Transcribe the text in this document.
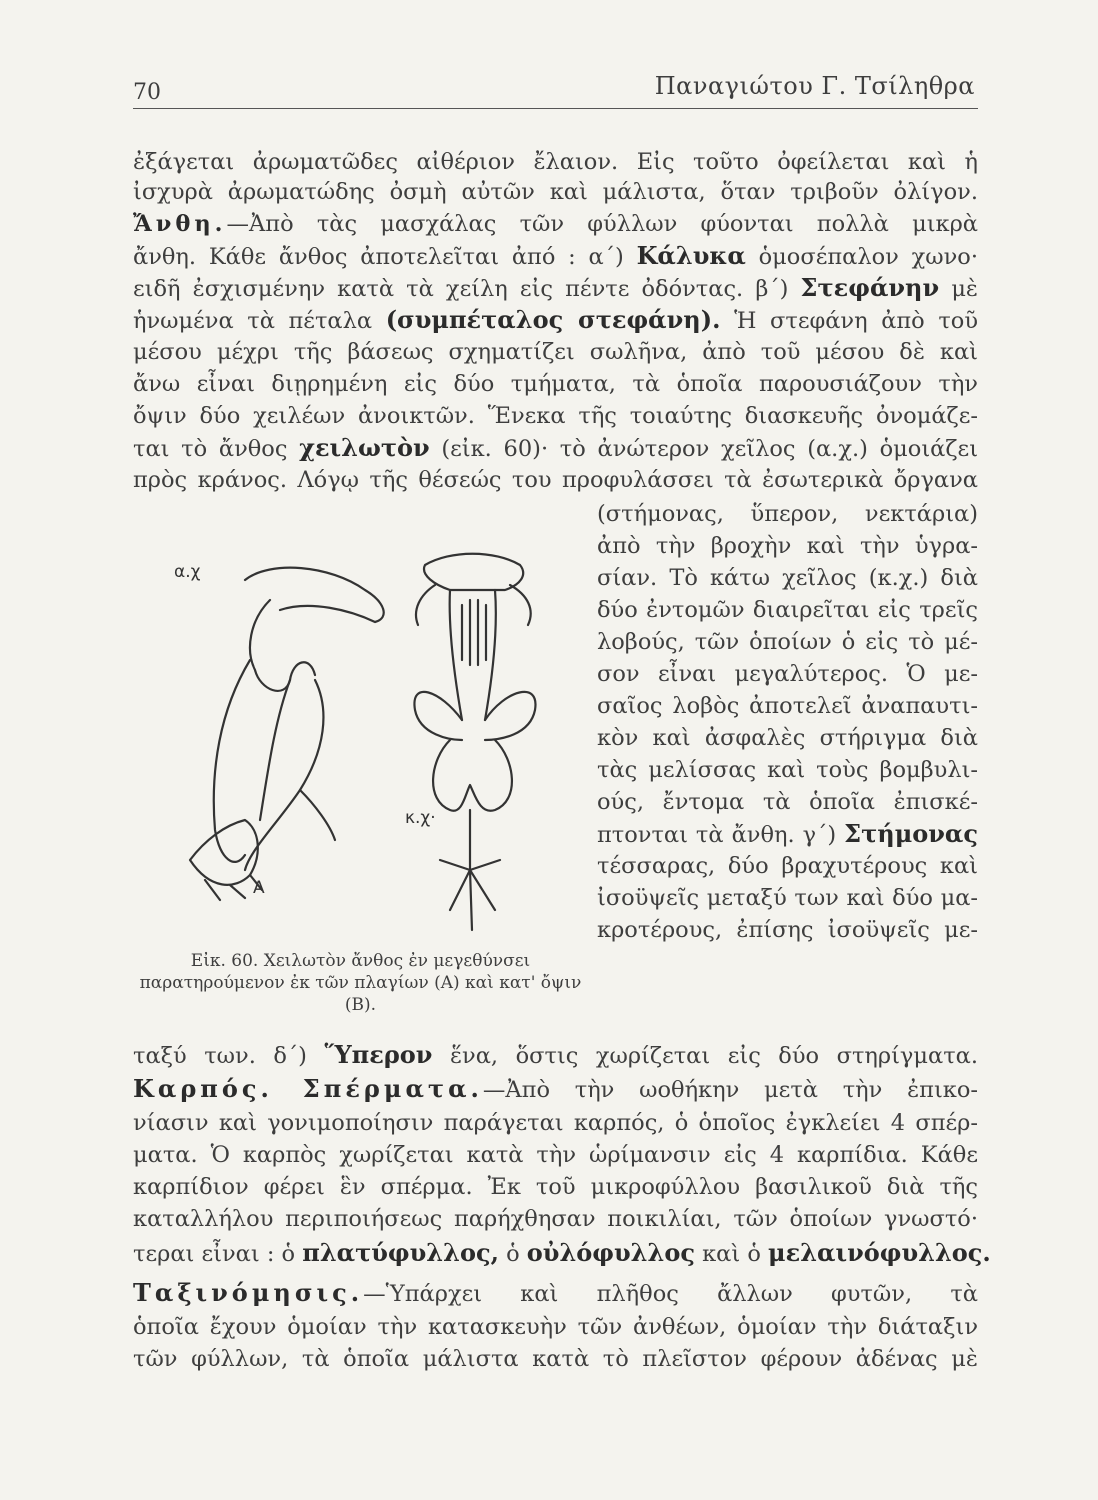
70	Παναγιώτου Γ. Τσίληθρα
ἐξάγεται ἀρωματῶδες αἰθέριον ἔλαιον. Εἰς τοῦτο ὀφείλεται καὶ ἡ
ἰσχυρὰ ἀρωματώδης ὀσμὴ αὐτῶν καὶ μάλιστα, ὅταν τριβοῦν ὀλίγον.
Ἄνθη.—Ἀπὸ τὰς μασχάλας τῶν φύλλων φύονται πολλὰ μικρὰ
ἄνθη. Κάθε ἄνθος ἀποτελεῖται ἀπό : α΄) Κάλυκα ὁμοσέπαλον χωνο·
ειδῆ ἐσχισμένην κατὰ τὰ χείλη εἰς πέντε ὀδόντας. β΄) Στεφάνην μὲ
ἡνωμένα τὰ πέταλα (συμπέταλος στεφάνη). Ἡ στεφάνη ἀπὸ τοῦ
μέσου μέχρι τῆς βάσεως σχηματίζει σωλῆνα, ἀπὸ τοῦ μέσου δὲ καὶ
ἄνω εἶναι διῃρημένη εἰς δύο τμήματα, τὰ ὁποῖα παρουσιάζουν τὴν
ὄψιν δύο χειλέων ἀνοικτῶν. Ἕνεκα τῆς τοιαύτης διασκευῆς ὀνομάζε-
ται τὸ ἄνθος χειλωτὸν (εἰκ. 60)· τὸ ἀνώτερον χεῖλος (α.χ.) ὁμοιάζει
πρὸς κράνος. Λόγῳ τῆς θέσεώς του προφυλάσσει τὰ ἐσωτερικὰ ὄργανα
(στήμονας, ὕπερον, νεκτάρια)
ἀπὸ τὴν βροχὴν καὶ τὴν ὑγρα-
σίαν. Τὸ κάτω χεῖλος (κ.χ.) διὰ
δύο ἐντομῶν διαιρεῖται εἰς τρεῖς
λοβούς, τῶν ὁποίων ὁ εἰς τὸ μέ-
σον εἶναι μεγαλύτερος. Ὁ με-
σαῖος λοβὸς ἀποτελεῖ ἀναπαυτι-
κὸν καὶ ἀσφαλὲς στήριγμα διὰ
τὰς μελίσσας καὶ τοὺς βομβυλι-
ούς, ἔντομα τὰ ὁποῖα ἐπισκέ-
πτονται τὰ ἄνθη. γ΄) Στήμονας
τέσσαρας, δύο βραχυτέρους καὶ
ἰσοϋψεῖς μεταξύ των καὶ δύο μα-
κροτέρους, ἐπίσης ἰσοϋψεῖς με-
ταξύ των. δ΄) Ὕπερον ἕνα, ὅστις χωρίζεται εἰς δύο στηρίγματα.
Καρπός. Σπέρματα.—Ἀπὸ τὴν ωοθήκην μετὰ τὴν ἐπικο-
νίασιν καὶ γονιμοποίησιν παράγεται καρπός, ὁ ὁποῖος ἐγκλείει 4 σπέρ-
ματα. Ὁ καρπὸς χωρίζεται κατὰ τὴν ὡρίμανσιν εἰς 4 καρπίδια. Κάθε
καρπίδιον φέρει ἓν σπέρμα. Ἐκ τοῦ μικροφύλλου βασιλικοῦ διὰ τῆς
καταλλήλου περιποιήσεως παρήχθησαν ποικιλίαι, τῶν ὁποίων γνωστό·
τεραι εἶναι : ὁ πλατύφυλλος, ὁ οὐλόφυλλος καὶ ὁ μελαινόφυλλος.
Ταξινόμησις.—Ὑπάρχει καὶ πλῆθος ἄλλων φυτῶν, τὰ
ὁποῖα ἔχουν ὁμοίαν τὴν κατασκευὴν τῶν ἀνθέων, ὁμοίαν τὴν διάταξιν
τῶν φύλλων, τὰ ὁποῖα μάλιστα κατὰ τὸ πλεῖστον φέρουν ἀδένας μὲ
α.χ
κ.χ·
Α
Εἰκ. 60. Χειλωτὸν ἄνθος ἐν μεγεθύνσει παρατηρούμενον ἐκ τῶν πλαγίων (Α) καὶ κατ' ὄψιν (Β).
